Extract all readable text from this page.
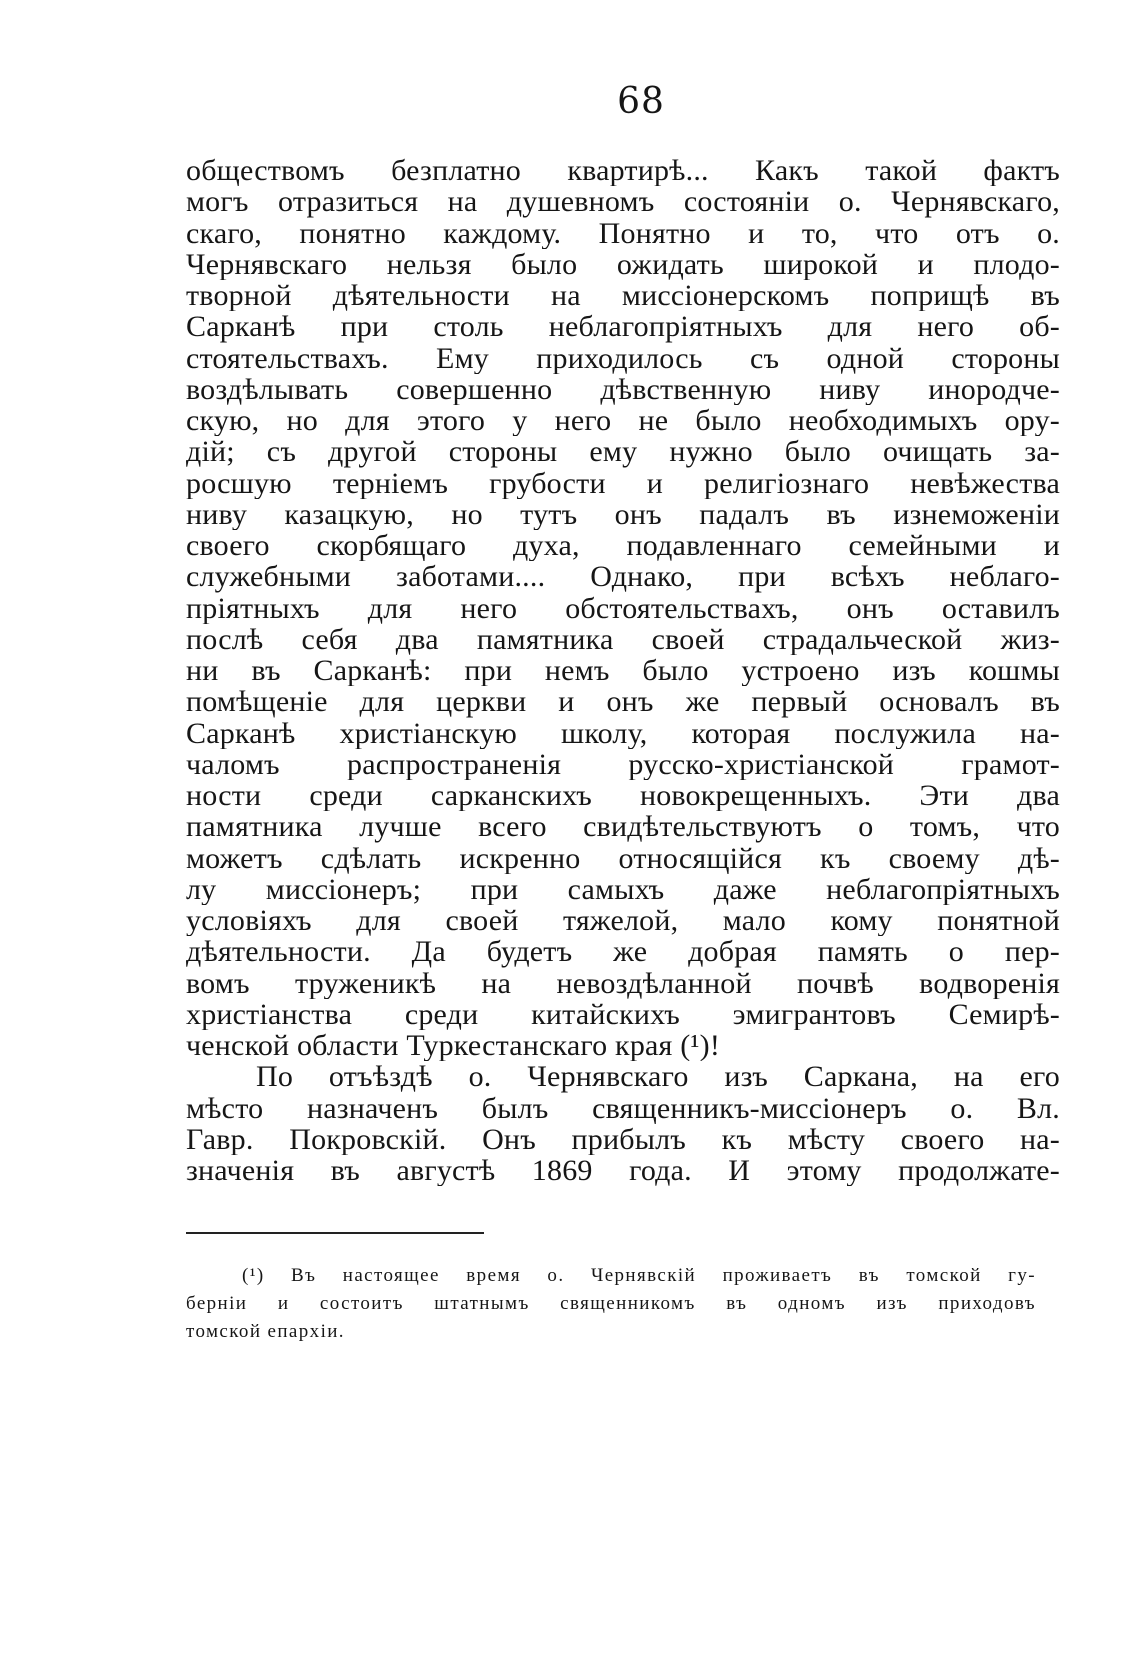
68
обществомъ безплатно квартирѣ... Какъ такой фактъ
могъ отразиться на душевномъ состоянiи о. Чернявскаго,
скаго, понятно каждому. Понятно и то, что отъ о.
Чернявскаго нельзя было ожидать широкой и плодо-
творной дѣятельности на миссiонерскомъ поприщѣ въ
Сарканѣ при столь неблагопрiятныхъ для него об-
стоятельствахъ. Ему приходилось съ одной стороны
воздѣлывать совершенно дѣвственную ниву инородче-
скую, но для этого у него не было необходимыхъ ору-
дiй; съ другой стороны ему нужно было очищать за-
росшую тернiемъ грубости и религiознаго невѣжества
ниву казацкую, но тутъ онъ падалъ въ изнеможенiи
своего скорбящаго духа, подавленнаго семейными и
служебными заботами.... Однако, при всѣхъ неблаго-
прiятныхъ для него обстоятельствахъ, онъ оставилъ
послѣ себя два памятника своей страдальческой жиз-
ни въ Сарканѣ: при немъ было устроено изъ кошмы
помѣщенiе для церкви и онъ же первый основалъ въ
Сарканѣ христiанскую школу, которая послужила на-
чаломъ распространенiя русско-христiанской грамот-
ности среди сарканскихъ новокрещенныхъ. Эти два
памятника лучше всего свидѣтельствуютъ о томъ, что
можетъ сдѣлать искренно относящiйся къ своему дѣ-
лу миссiонеръ; при самыхъ даже неблагопрiятныхъ
условiяхъ для своей тяжелой, мало кому понятной
дѣятельности. Да будетъ же добрая память о пер-
вомъ труженикѣ на невоздѣланной почвѣ водворенiя
христiанства среди китайскихъ эмигрантовъ Семирѣ-
ченской области Туркестанскаго края (¹)!
По отъѣздѣ о. Чернявскаго изъ Саркана, на его
мѣсто назначенъ былъ священникъ-миссiонеръ о. Вл.
Гавр. Покровскiй. Онъ прибылъ къ мѣсту своего на-
значенiя въ августѣ 1869 года. И этому продолжате-
(¹) Въ настоящее время о. Чернявскiй проживаетъ въ томской гу-
бернiи и состоитъ штатнымъ священникомъ въ одномъ изъ приходовъ
томской епархiи.
